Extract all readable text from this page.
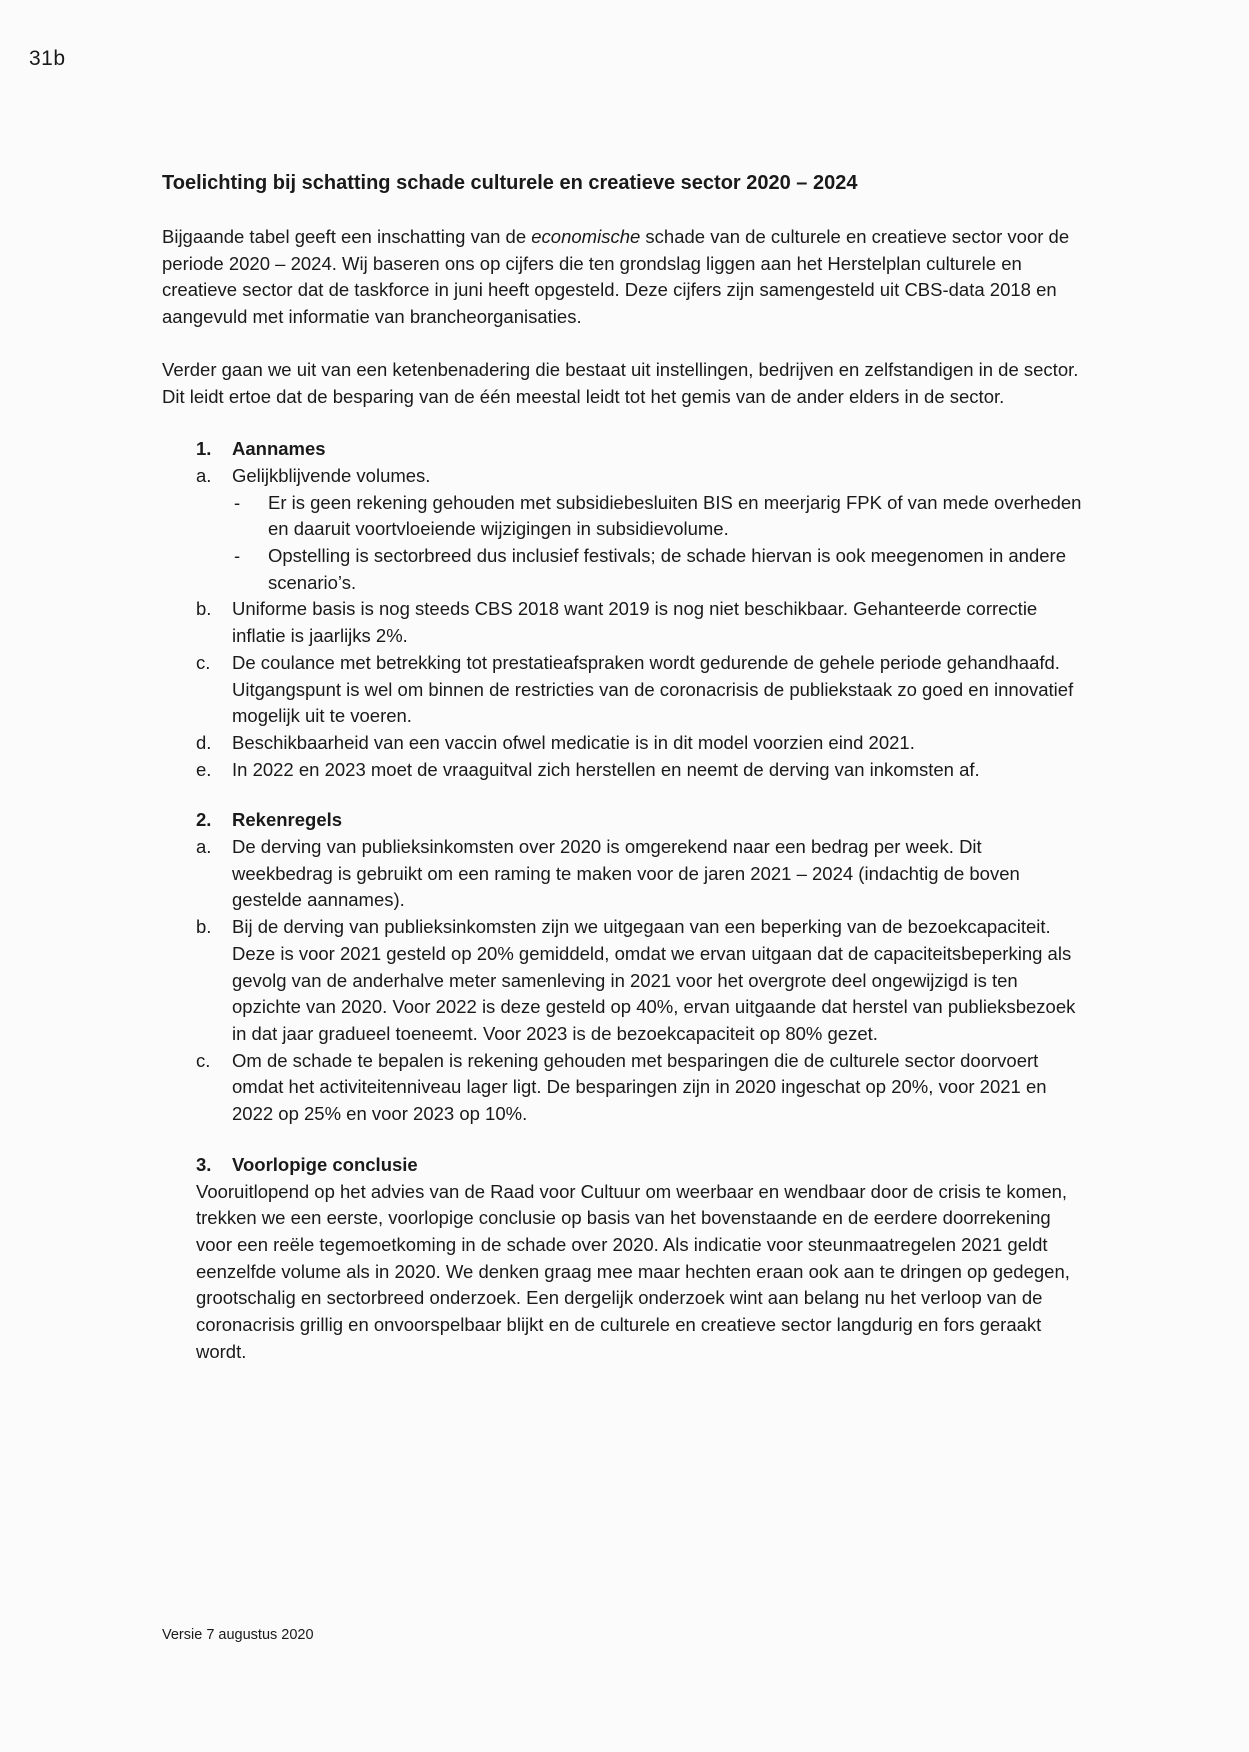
31b
Toelichting bij schatting schade culturele en creatieve sector 2020 – 2024

Bijgaande tabel geeft een inschatting van de economische schade van de culturele en creatieve sector voor de periode 2020 – 2024. Wij baseren ons op cijfers die ten grondslag liggen aan het Herstelplan culturele en creatieve sector dat de taskforce in juni heeft opgesteld. Deze cijfers zijn samengesteld uit CBS-data 2018 en aangevuld met informatie van brancheorganisaties.

Verder gaan we uit van een ketenbenadering die bestaat uit instellingen, bedrijven en zelfstandigen in de sector. Dit leidt ertoe dat de besparing van de één meestal leidt tot het gemis van de ander elders in de sector.

1. Aannames
a. Gelijkblijvende volumes.
- Er is geen rekening gehouden met subsidiebesluiten BIS en meerjarig FPK of van mede overheden en daaruit voortvloeiende wijzigingen in subsidievolume.
- Opstelling is sectorbreed dus inclusief festivals; de schade hiervan is ook meegenomen in andere scenario’s.
b. Uniforme basis is nog steeds CBS 2018 want 2019 is nog niet beschikbaar. Gehanteerde correctie inflatie is jaarlijks 2%.
c. De coulance met betrekking tot prestatieafspraken wordt gedurende de gehele periode gehandhaafd. Uitgangspunt is wel om binnen de restricties van de coronacrisis de publiekstaak zo goed en innovatief mogelijk uit te voeren.
d. Beschikbaarheid van een vaccin ofwel medicatie is in dit model voorzien eind 2021.
e. In 2022 en 2023 moet de vraaguitval zich herstellen en neemt de derving van inkomsten af.
2. Rekenregels
a. De derving van publieksinkomsten over 2020 is omgerekend naar een bedrag per week. Dit weekbedrag is gebruikt om een raming te maken voor de jaren 2021 – 2024 (indachtig de boven gestelde aannames).
b. Bij de derving van publieksinkomsten zijn we uitgegaan van een beperking van de bezoekcapaciteit. Deze is voor 2021 gesteld op 20% gemiddeld, omdat we ervan uitgaan dat de capaciteitsbeperking als gevolg van de anderhalve meter samenleving in 2021 voor het overgrote deel ongewijzigd is ten opzichte van 2020. Voor 2022 is deze gesteld op 40%, ervan uitgaande dat herstel van publieksbezoek in dat jaar gradueel toeneemt. Voor 2023 is de bezoekcapaciteit op 80% gezet.
c. Om de schade te bepalen is rekening gehouden met besparingen die de culturele sector doorvoert omdat het activiteitenniveau lager ligt. De besparingen zijn in 2020 ingeschat op 20%, voor 2021 en 2022 op 25% en voor 2023 op 10%.
3. Voorlopige conclusie
Vooruitlopend op het advies van de Raad voor Cultuur om weerbaar en wendbaar door de crisis te komen, trekken we een eerste, voorlopige conclusie op basis van het bovenstaande en de eerdere doorrekening voor een reële tegemoetkoming in de schade over 2020. Als indicatie voor steunmaatregelen 2021 geldt eenzelfde volume als in 2020. We denken graag mee maar hechten eraan ook aan te dringen op gedegen, grootschalig en sectorbreed onderzoek. Een dergelijk onderzoek wint aan belang nu het verloop van de coronacrisis grillig en onvoorspelbaar blijkt en de culturele en creatieve sector langdurig en fors geraakt wordt.
Versie 7 augustus 2020
